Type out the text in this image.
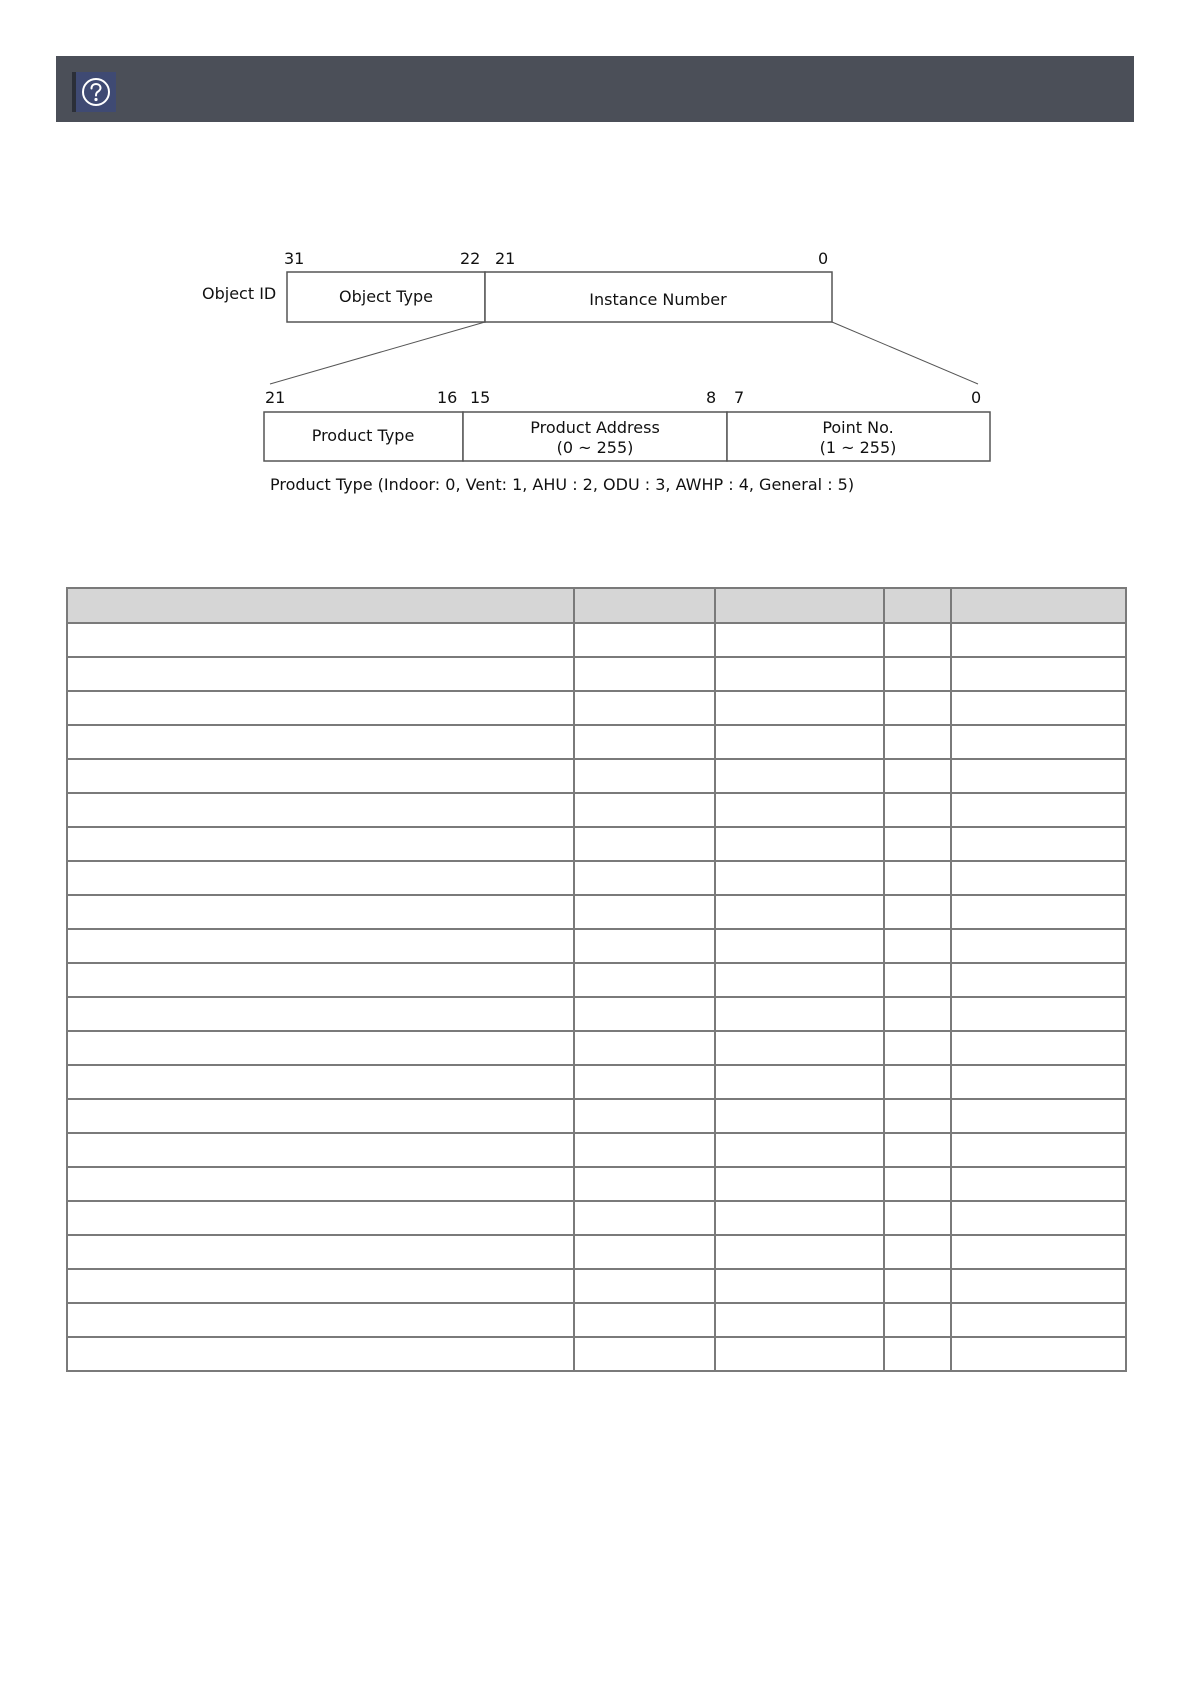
Object ID
31	22 21	0
Object Type	Instance Number
21	16 15	8 7	0
Product Type	Product Address
(0 ~ 255)
Point No.
(1 ~ 255)
Product Type (Indoor: 0, Vent: 1, AHU : 2, ODU : 3, AWHP : 4, General : 5)
